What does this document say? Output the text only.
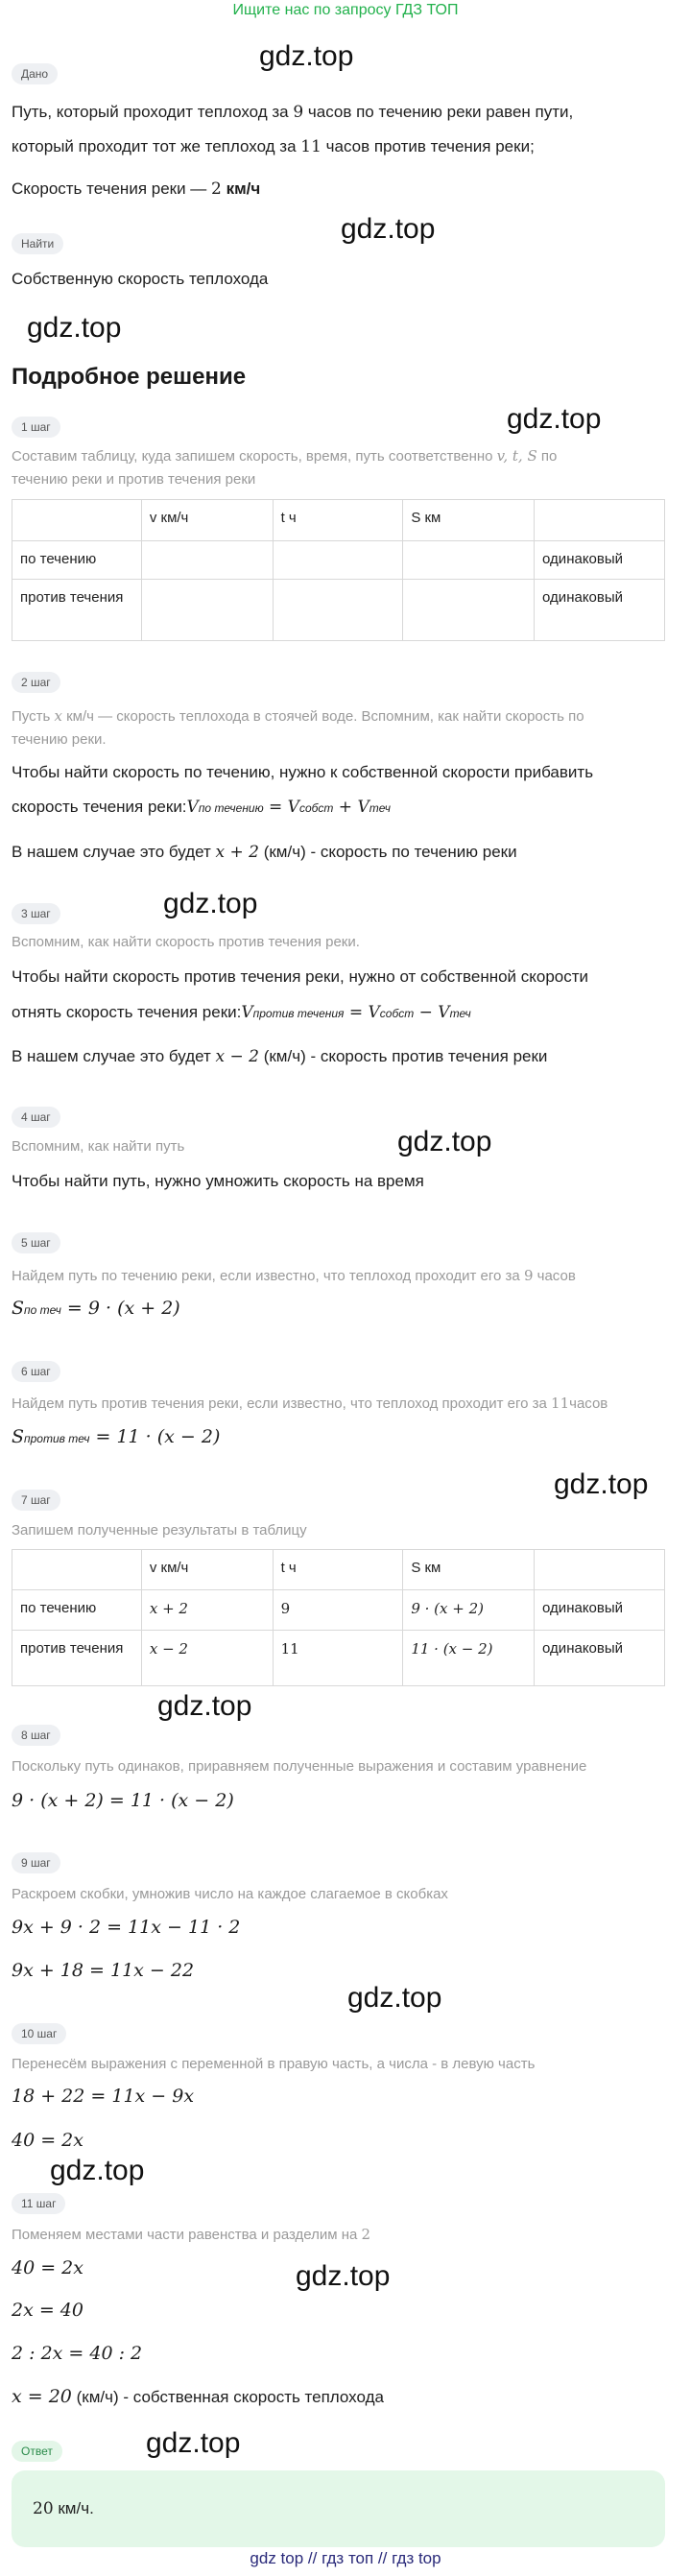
Ищите нас по запросу ГДЗ ТОП
gdz.top
gdz.top
gdz.top
gdz.top
gdz.top
gdz.top
gdz.top
gdz.top
gdz.top
gdz.top
gdz.top
gdz.top
Дано
Путь, который проходит теплоход за 9 часов по течению реки равен пути,
который проходит тот же теплоход за 11 часов против течения реки;
Скорость течения реки — 2 км/ч
Найти
Собственную скорость теплохода
Подробное решение
1 шаг
Составим таблицу, куда запишем скорость, время, путь соответственно v, t, S по
течению реки и против течения реки
	v км/ч	t ч	S км	
по течению				одинаковый
против течения				одинаковый
2 шаг
Пусть x км/ч — скорость теплохода в стоячей воде. Вспомним, как найти скорость по
течению реки.
Чтобы найти скорость по течению, нужно к собственной скорости прибавить
скорость течения реки:Vпо течению = Vсобст + Vтеч
В нашем случае это будет x + 2 (км/ч) - скорость по течению реки
3 шаг
Вспомним, как найти скорость против течения реки.
Чтобы найти скорость против течения реки, нужно от собственной скорости
отнять скорость течения реки:Vпротив течения = Vсобст − Vтеч
В нашем случае это будет x − 2 (км/ч) - скорость против течения реки
4 шаг
Вспомним, как найти путь
Чтобы найти путь, нужно умножить скорость на время
5 шаг
Найдем путь по течению реки, если известно, что теплоход проходит его за 9 часов
Sпо теч = 9 · (x + 2)
6 шаг
Найдем путь против течения реки, если известно, что теплоход проходит его за 11часов
Sпротив теч = 11 · (x − 2)
7 шаг
Запишем полученные результаты в таблицу
	v км/ч	t ч	S км	
по течению	x + 2	9	9 · (x + 2)	одинаковый
против течения	x − 2	11	11 · (x − 2)	одинаковый
8 шаг
Поскольку путь одинаков, приравняем полученные выражения и составим уравнение
9 · (x + 2) = 11 · (x − 2)
9 шаг
Раскроем скобки, умножив число на каждое слагаемое в скобках
9x + 9 · 2 = 11x − 11 · 2
9x + 18 = 11x − 22
10 шаг
Перенесём выражения с переменной в правую часть, а числа - в левую часть
18 + 22 = 11x − 9x
40 = 2x
11 шаг
Поменяем местами части равенства и разделим на 2
40 = 2x
2x = 40
2 : 2x = 40 : 2
x = 20 (км/ч) - собственная скорость теплохода
Ответ
20 км/ч.
gdz top // гдз топ // гдз top
